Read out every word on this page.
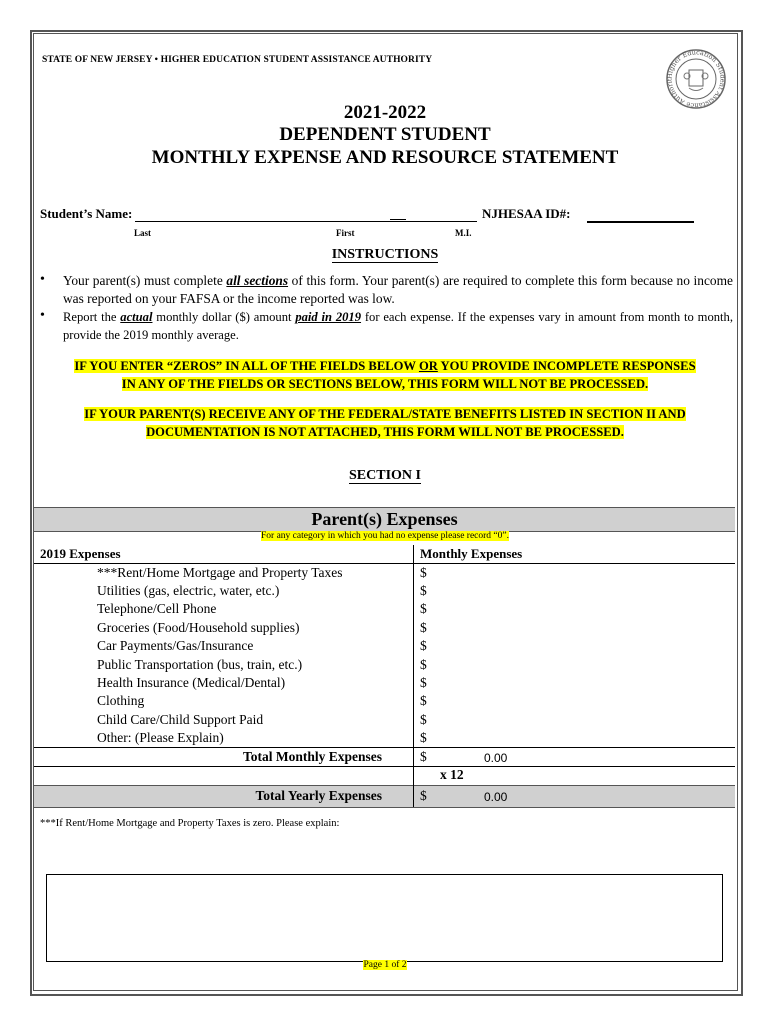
STATE OF NEW JERSEY • HIGHER EDUCATION STUDENT ASSISTANCE AUTHORITY
Higher Education Student Assistance Authorit
2021-2022
DEPENDENT STUDENT
MONTHLY EXPENSE AND RESOURCE STATEMENT
Student’s Name:	NJHESAA ID#:
Last	First	M.I.
INSTRUCTIONS
• Your parent(s) must complete all sections of this form. Your parent(s) are required to complete this form because no income was reported on your FAFSA or the income reported was low.
• Report the actual monthly dollar ($) amount paid in 2019 for each expense. If the expenses vary in amount from month to month, provide the 2019 monthly average.
IF YOU ENTER “ZEROS” IN ALL OF THE FIELDS BELOW OR YOU PROVIDE INCOMPLETE RESPONSES
IN ANY OF THE FIELDS OR SECTIONS BELOW, THIS FORM WILL NOT BE PROCESSED.
IF YOUR PARENT(S) RECEIVE ANY OF THE FEDERAL/STATE BENEFITS LISTED IN SECTION II AND
DOCUMENTATION IS NOT ATTACHED, THIS FORM WILL NOT BE PROCESSED.
SECTION I
Parent(s) Expenses
For any category in which you had no expense please record “0”.
2019 Expenses	Monthly Expenses
***Rent/Home Mortgage and Property Taxes	$
Utilities (gas, electric, water, etc.)	$
Telephone/Cell Phone	$
Groceries (Food/Household supplies)	$
Car Payments/Gas/Insurance	$
Public Transportation (bus, train, etc.)	$
Health Insurance (Medical/Dental)	$
Clothing	$
Child Care/Child Support Paid	$
Other: (Please Explain)	$
Total Monthly Expenses	$	0.00
x 12
Total Yearly Expenses	$	0.00
***If Rent/Home Mortgage and Property Taxes is zero. Please explain:
Page 1 of 2
